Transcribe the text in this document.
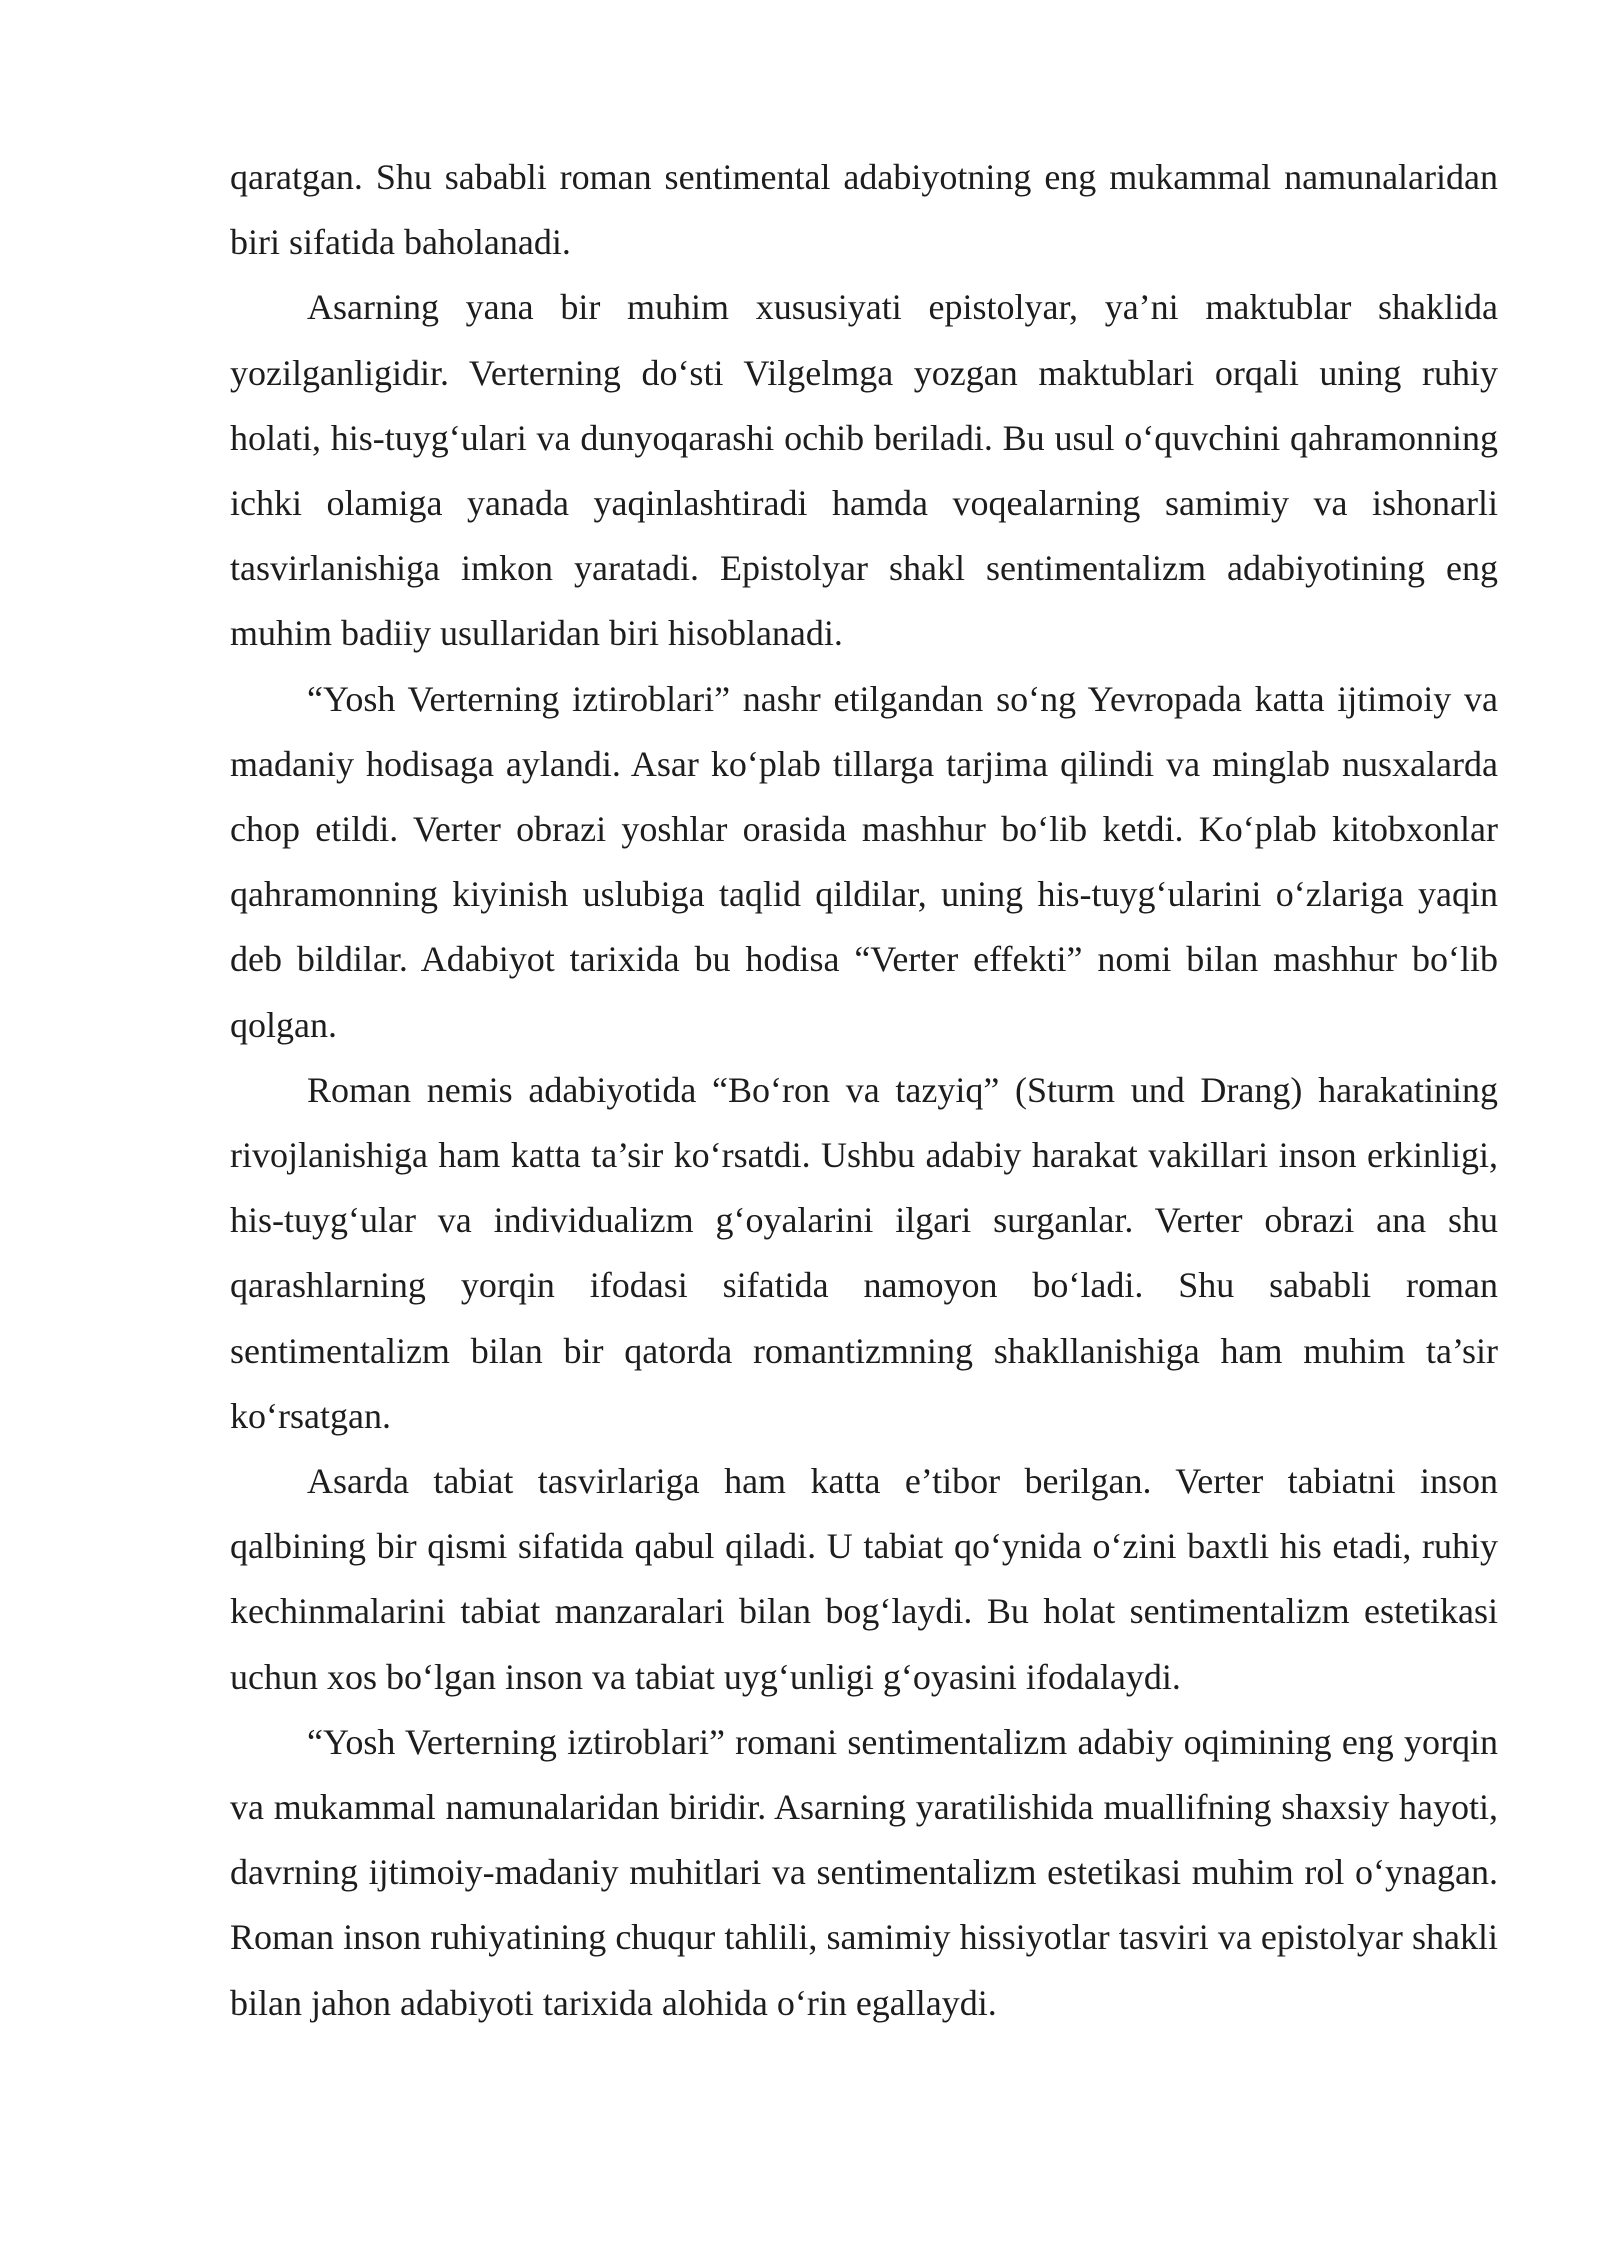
qaratgan. Shu sababli roman sentimental adabiyotning eng mukammal namunalaridan biri sifatida baholanadi.

Asarning yana bir muhim xususiyati epistolyar, ya’ni maktublar shaklida yozilganligidir. Verterning do‘sti Vilgelmga yozgan maktublari orqali uning ruhiy holati, his-tuyg‘ulari va dunyoqarashi ochib beriladi. Bu usul o‘quvchini qahramonning ichki olamiga yanada yaqinlashtiradi hamda voqealarning samimiy va ishonarli tasvirlanishiga imkon yaratadi. Epistolyar shakl sentimentalizm adabiyotining eng muhim badiiy usullaridan biri hisoblanadi.

“Yosh Verterning iztiroblari” nashr etilgandan so‘ng Yevropada katta ijtimoiy va madaniy hodisaga aylandi. Asar ko‘plab tillarga tarjima qilindi va minglab nusxalarda chop etildi. Verter obrazi yoshlar orasida mashhur bo‘lib ketdi. Ko‘plab kitobxonlar qahramonning kiyinish uslubiga taqlid qildilar, uning his-tuyg‘ularini o‘zlariga yaqin deb bildilar. Adabiyot tarixida bu hodisa “Verter effekti” nomi bilan mashhur bo‘lib qolgan.

Roman nemis adabiyotida “Bo‘ron va tazyiq” (Sturm und Drang) harakatining rivojlanishiga ham katta ta’sir ko‘rsatdi. Ushbu adabiy harakat vakillari inson erkinligi, his-tuyg‘ular va individualizm g‘oyalarini ilgari surganlar. Verter obrazi ana shu qarashlarning yorqin ifodasi sifatida namoyon bo‘ladi. Shu sababli roman sentimentalizm bilan bir qatorda romantizmning shakllanishiga ham muhim ta’sir ko‘rsatgan.

Asarda tabiat tasvirlariga ham katta e’tibor berilgan. Verter tabiatni inson qalbining bir qismi sifatida qabul qiladi. U tabiat qo‘ynida o‘zini baxtli his etadi, ruhiy kechinmalarini tabiat manzaralari bilan bog‘laydi. Bu holat sentimentalizm estetikasi uchun xos bo‘lgan inson va tabiat uyg‘unligi g‘oyasini ifodalaydi.

“Yosh Verterning iztiroblari” romani sentimentalizm adabiy oqimining eng yorqin va mukammal namunalaridan biridir. Asarning yaratilishida muallifning shaxsiy hayoti, davrning ijtimoiy-madaniy muhitlari va sentimentalizm estetikasi muhim rol o‘ynagan. Roman inson ruhiyatining chuqur tahlili, samimiy hissiyotlar tasviri va epistolyar shakli bilan jahon adabiyoti tarixida alohida o‘rin egallaydi.
